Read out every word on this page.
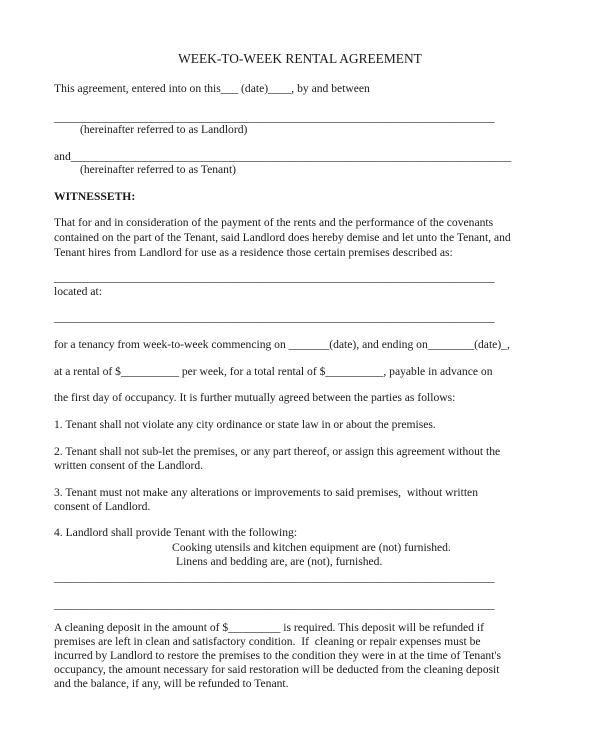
WEEK-TO-WEEK RENTAL AGREEMENT

This agreement, entered into on this___ (date)____, by and between

____________________________________________________________________________

(hereinafter referred to as Landlord)

and____________________________________________________________________________

(hereinafter referred to as Tenant)

WITNESSETH:

That for and in consideration of the payment of the rents and the performance of the covenants

contained on the part of the Tenant, said Landlord does hereby demise and let unto the Tenant, and

Tenant hires from Landlord for use as a residence those certain premises described as:

____________________________________________________________________________

located at:

____________________________________________________________________________

for a tenancy from week-to-week commencing on _______(date), and ending on________(date)_,

at a rental of $__________ per week, for a total rental of $__________, payable in advance on

the first day of occupancy. It is further mutually agreed between the parties as follows:

1. Tenant shall not violate any city ordinance or state law in or about the premises.

2. Tenant shall not sub-let the premises, or any part thereof, or assign this agreement without the

written consent of the Landlord.

3. Tenant must not make any alterations or improvements to said premises,  without written

consent of Landlord.

4. Landlord shall provide Tenant with the following:

Cooking utensils and kitchen equipment are (not) furnished.

Linens and bedding are, are (not), furnished.

____________________________________________________________________________

____________________________________________________________________________

A cleaning deposit in the amount of $_________ is required. This deposit will be refunded if

premises are left in clean and satisfactory condition.  If  cleaning or repair expenses must be

incurred by Landlord to restore the premises to the condition they were in at the time of Tenant's

occupancy, the amount necessary for said restoration will be deducted from the cleaning deposit

and the balance, if any, will be refunded to Tenant.
